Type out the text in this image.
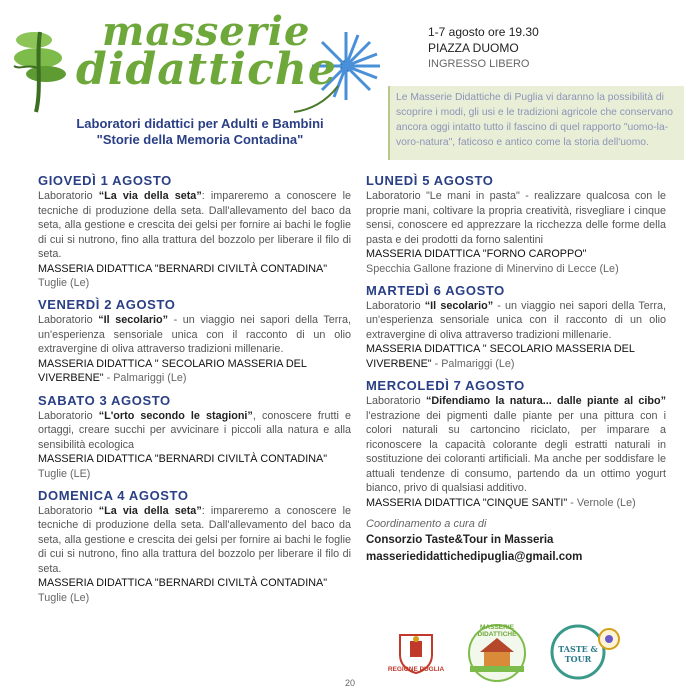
masserie
didattiche
Laboratori didattici per Adulti e Bambini
"Storie della Memoria Contadina"
1-7 agosto ore 19.30
PIAZZA DUOMO
INGRESSO LIBERO
Le Masserie Didattiche di Puglia vi daranno la possibilità di scoprire i modi, gli usi e le tradizioni agricole che conservano ancora oggi intatto tutto il fascino di quel rapporto "uomo-la-voro-natura", faticoso e antico come la storia dell'uomo.
GIOVEDÌ 1 AGOSTO

Laboratorio “La via della seta”: impareremo a conoscere le tecniche di produzione della seta. Dall'allevamento del baco da seta, alla gestione e crescita dei gelsi per fornire ai bachi le foglie di cui si nutrono, fino alla trattura del bozzolo per liberare il filo di seta.

MASSERIA DIDATTICA "BERNARDI CIVILTÀ CONTADINA"
Tuglie (Le)
VENERDÌ 2 AGOSTO

Laboratorio “Il secolario” - un viaggio nei sapori della Terra, un'esperienza sensoriale unica con il racconto di un olio extravergine di oliva attraverso tradizioni millenarie.

MASSERIA DIDATTICA " SECOLARIO MASSERIA DEL VIVERBENE" - Palmariggi (Le)
SABATO 3 AGOSTO

Laboratorio “L'orto secondo le stagioni”, conoscere frutti e ortaggi, creare succhi per avvicinare i piccoli alla natura e alla sensibilità ecologica

MASSERIA DIDATTICA "BERNARDI CIVILTÀ CONTADINA"
Tuglie (LE)
DOMENICA 4 AGOSTO

Laboratorio “La via della seta”: impareremo a conoscere le tecniche di produzione della seta. Dall'allevamento del baco da seta, alla gestione e crescita dei gelsi per fornire ai bachi le foglie di cui si nutrono, fino alla trattura del bozzolo per liberare il filo di seta.

MASSERIA DIDATTICA "BERNARDI CIVILTÀ CONTADINA"
Tuglie (Le)
LUNEDÌ 5 AGOSTO

Laboratorio "Le mani in pasta" - realizzare qualcosa con le proprie mani, coltivare la propria creatività, risvegliare i cinque sensi, conoscere ed apprezzare la ricchezza delle forme della pasta e dei prodotti da forno salentini

MASSERIA DIDATTICA "FORNO CAROPPO"
Specchia Gallone frazione di Minervino di Lecce (Le)
MARTEDÌ 6 AGOSTO

Laboratorio “Il secolario” - un viaggio nei sapori della Terra, un'esperienza sensoriale unica con il racconto di un olio extravergine di oliva attraverso tradizioni millenarie.

MASSERIA DIDATTICA " SECOLARIO MASSERIA DEL VIVERBENE" - Palmariggi (Le)
MERCOLEDÌ 7 AGOSTO

Laboratorio “Difendiamo la natura... dalle piante al cibo” l'estrazione dei pigmenti dalle piante per una pittura con i colori naturali su cartoncino riciclato, per imparare a riconoscere la capacità colorante degli estratti naturali in sostituzione dei coloranti artificiali. Ma anche per soddisfare le attuali tendenze di consumo, partendo da un ottimo yogurt bianco, privo di qualsiasi additivo.

MASSERIA DIDATTICA "CINQUE SANTI" - Vernole (Le)
Coordinamento a cura di
Consorzio Taste&Tour in Masseria
masseriedidattichedipuglia@gmail.com
REGIONE PUGLIA
MASSERIE DIDATTICHE
TASTE & TOUR
20
